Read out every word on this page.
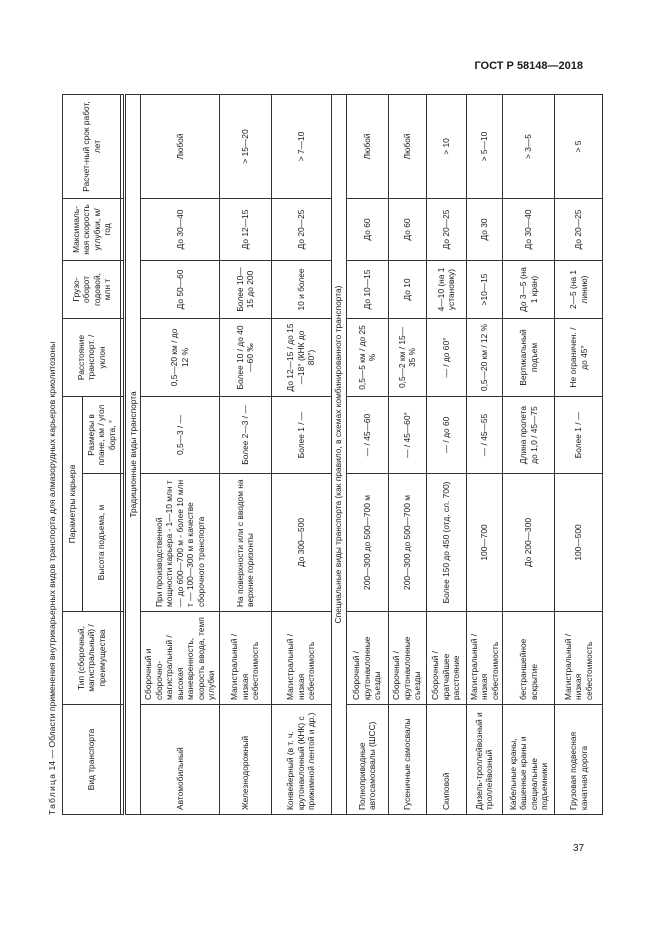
ГОСТ Р 58148—2018
Таблица 14 — Области применения внутрикарьерных видов транспорта для алмазорудных карьеров криолитозоны	Вид транспорта	Тип (сборочный, магистральный) / преимущества	Параметры карьера		Расстояние транспорт. / уклон	Грузо-оборот годовой, млн т	Максималь-ная скорость углубки, м/год	Расчет-ный срок работ, лет
		Высота подъема, м	Размеры в плане, км / угол борта, °				

Традиционные виды транспорта							
Автомобильный	Сборочный и сборочно-магистральный / высокая маневренность, скорость ввода, темп углубки	При производственной мощности карьера - 1—10 млн т — до 600—700 м - более 10 млн т — 100—300 м в качестве сборочного транспорта	0,5—3 / —	0,5—20 км / до 12 %	До 50—60	До 30—40	Любой
Железнодорожный	Магистральный / низкая себестоимость	На поверхности или с вводом на верхние горизонты	Более 2—3 / —	Более 10 / до 40—60 ‰	Более 10—15 до 200	До 12—15	> 15—20
Конвейерный (в т. ч. крутонаклонный (КНК) с прижимной лентой и др.)	Магистральный / низкая себестоимость	До 300—500	Более 1 / —	До 12—15 / до 15—18° (КНК до 80°)	10 и более	До 20—25	> 7—10
Специальные виды транспорта (как правило, в схемах комбинированного транспорта)							
Полноприводные автосамосвалы (ШСС)	Сборочный / крутонаклонные съезды	200—300 до 500—700 м	— / 45—60	0,5—5 км / до 25 %	До 10—15	До 60	Любой
Гусеничные самосвалы	Сборочный / крутонаклонные съезды	200—300 до 500—700 м	— / 45—60°	0,5—2 км / 15—35 %	До 10	До 60	Любой
Скиповой	Сборочный / кратчайшее расстояние	Более 150 до 450 (отд. сл. 700)	— / до 60	— / до 60°	4—10 (на 1 установку)	До 20—25	> 10
Дизель-троллейвозный и троллейвозный	Магистральный / низкая себестоимость	100—700	— / 45—55	0,5—20 км / 12 %	>10—15	До 30	> 5—10
Кабельные краны, башенные краны и специальные подъемники	бестраншейное вскрытие	До 200—300	Длина пролета до 1,0 / 45—75	Вертикальный подъем	До 3—5 (на 1 кран)	До 30—40	> 3—5
Грузовая подвесная канатная дорога	Магистральный / низкая себестоимость	100—500	Более 1 / —	Не ограничен. / до 45°	2—5 (на 1 линию)	До 20—25	> 5
37
